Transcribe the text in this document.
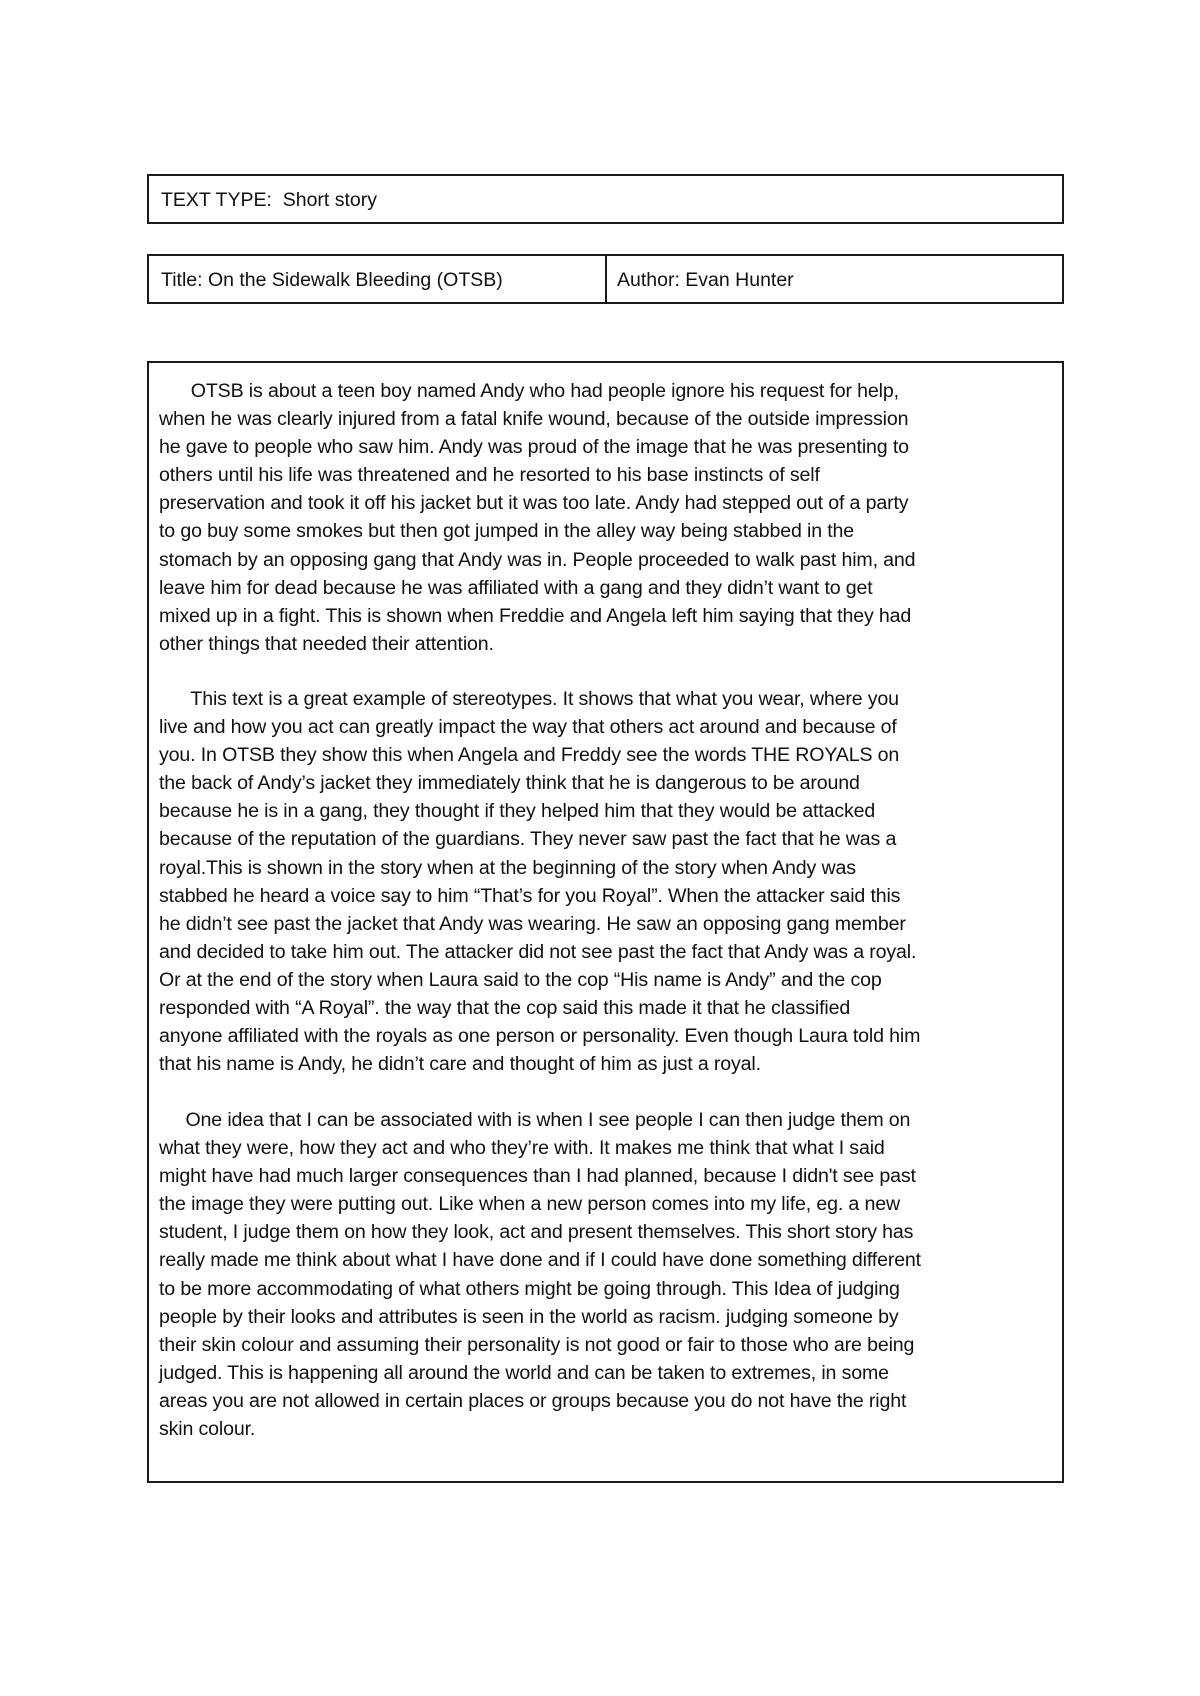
TEXT TYPE:  Short story
Title: On the Sidewalk Bleeding (OTSB)	Author: Evan Hunter
OTSB is about a teen boy named Andy who had people ignore his request for help,
when he was clearly injured from a fatal knife wound, because of the outside impression
he gave to people who saw him. Andy was proud of the image that he was presenting to
others until his life was threatened and he resorted to his base instincts of self
preservation and took it off his jacket but it was too late. Andy had stepped out of a party
to go buy some smokes but then got jumped in the alley way being stabbed in the
stomach by an opposing gang that Andy was in. People proceeded to walk past him, and
leave him for dead because he was affiliated with a gang and they didn’t want to get
mixed up in a fight. This is shown when Freddie and Angela left him saying that they had
other things that needed their attention.
This text is a great example of stereotypes. It shows that what you wear, where you
live and how you act can greatly impact the way that others act around and because of
you. In OTSB they show this when Angela and Freddy see the words THE ROYALS on
the back of Andy’s jacket they immediately think that he is dangerous to be around
because he is in a gang, they thought if they helped him that they would be attacked
because of the reputation of the guardians. They never saw past the fact that he was a
royal.This is shown in the story when at the beginning of the story when Andy was
stabbed he heard a voice say to him “That’s for you Royal”. When the attacker said this
he didn’t see past the jacket that Andy was wearing. He saw an opposing gang member
and decided to take him out. The attacker did not see past the fact that Andy was a royal.
Or at the end of the story when Laura said to the cop “His name is Andy” and the cop
responded with “A Royal”. the way that the cop said this made it that he classified
anyone affiliated with the royals as one person or personality. Even though Laura told him
that his name is Andy, he didn’t care and thought of him as just a royal.
One idea that I can be associated with is when I see people I can then judge them on
what they were, how they act and who they’re with. It makes me think that what I said
might have had much larger consequences than I had planned, because I didn't see past
the image they were putting out. Like when a new person comes into my life, eg. a new
student, I judge them on how they look, act and present themselves. This short story has
really made me think about what I have done and if I could have done something different
to be more accommodating of what others might be going through. This Idea of judging
people by their looks and attributes is seen in the world as racism. judging someone by
their skin colour and assuming their personality is not good or fair to those who are being
judged. This is happening all around the world and can be taken to extremes, in some
areas you are not allowed in certain places or groups because you do not have the right
skin colour.
